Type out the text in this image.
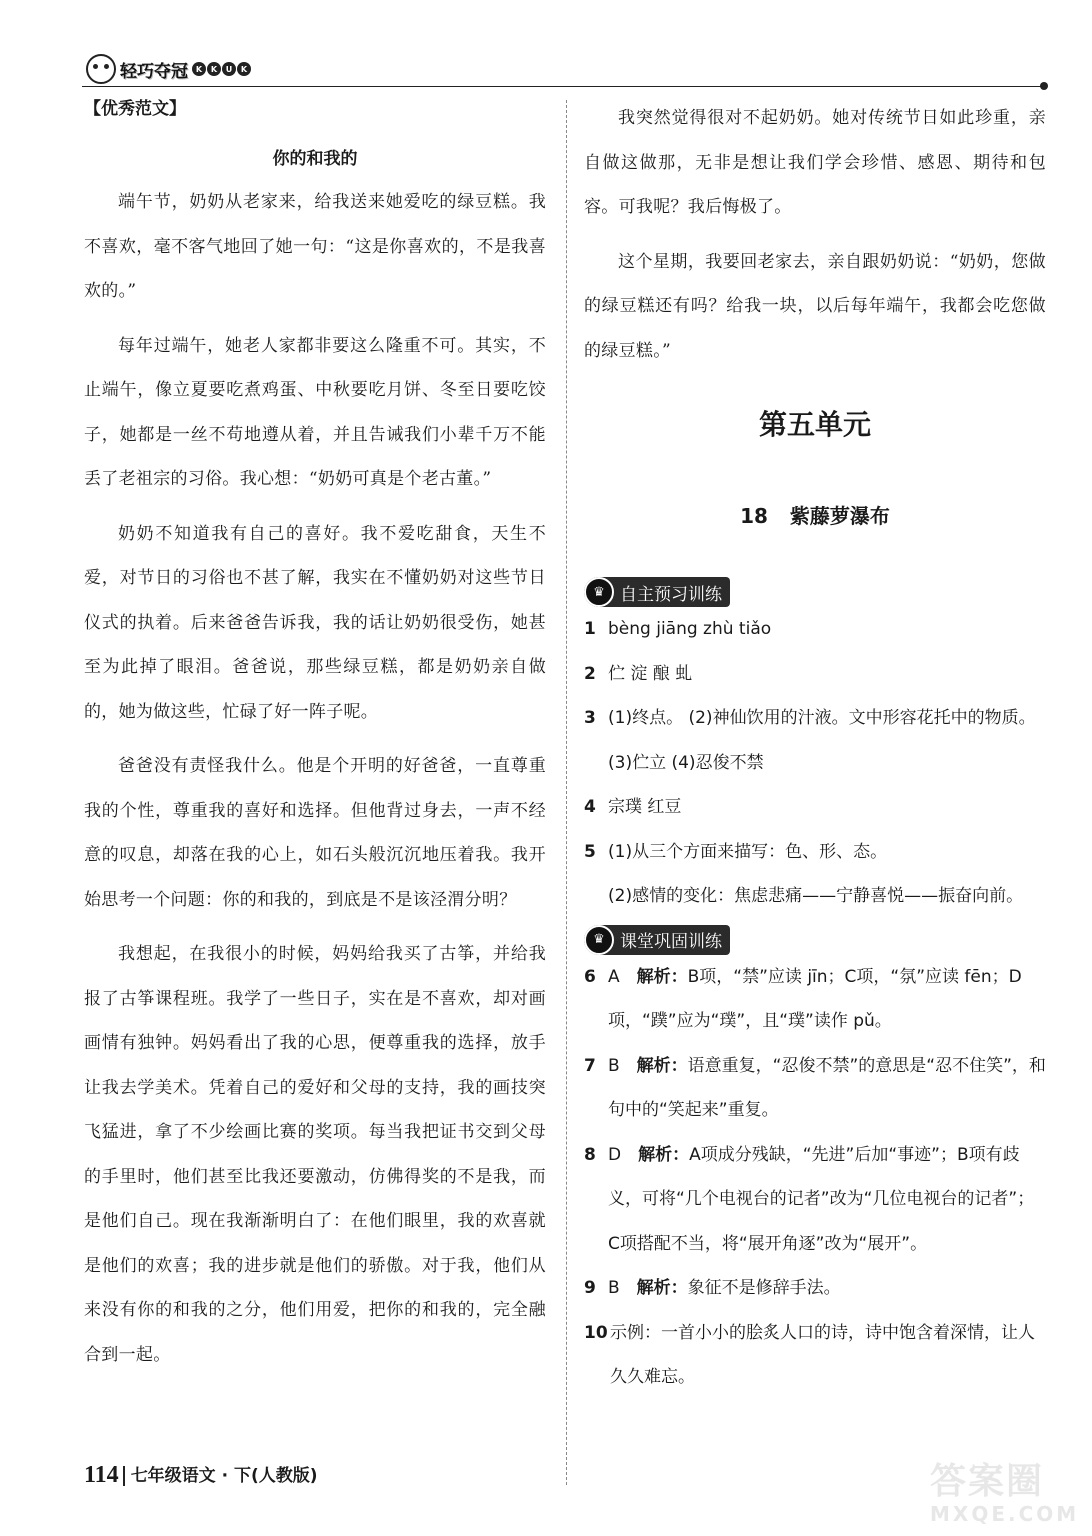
轻巧夺冠 K	K	U	K

【优秀范文】

你的和我的

端午节，奶奶从老家来，给我送来她爱吃的绿豆糕。我不喜欢，毫不客气地回了她一句：“这是你喜欢的，不是我喜欢的。”

每年过端午，她老人家都非要这么隆重不可。其实，不止端午，像立夏要吃煮鸡蛋、中秋要吃月饼、冬至日要吃饺子，她都是一丝不苟地遵从着，并且告诫我们小辈千万不能丢了老祖宗的习俗。我心想：“奶奶可真是个老古董。”

奶奶不知道我有自己的喜好。我不爱吃甜食，天生不爱，对节日的习俗也不甚了解，我实在不懂奶奶对这些节日仪式的执着。后来爸爸告诉我，我的话让奶奶很受伤，她甚至为此掉了眼泪。爸爸说，那些绿豆糕，都是奶奶亲自做的，她为做这些，忙碌了好一阵子呢。

爸爸没有责怪我什么。他是个开明的好爸爸，一直尊重我的个性，尊重我的喜好和选择。但他背过身去，一声不经意的叹息，却落在我的心上，如石头般沉沉地压着我。我开始思考一个问题：你的和我的，到底是不是该泾渭分明？

我想起，在我很小的时候，妈妈给我买了古筝，并给我报了古筝课程班。我学了一些日子，实在是不喜欢，却对画画情有独钟。妈妈看出了我的心思，便尊重我的选择，放手让我去学美术。凭着自己的爱好和父母的支持，我的画技突飞猛进，拿了不少绘画比赛的奖项。每当我把证书交到父母的手里时，他们甚至比我还要激动，仿佛得奖的不是我，而是他们自己。现在我渐渐明白了：在他们眼里，我的欢喜就是他们的欢喜；我的进步就是他们的骄傲。对于我，他们从来没有你的和我的之分，他们用爱，把你的和我的，完全融合到一起。

我突然觉得很对不起奶奶。她对传统节日如此珍重，亲自做这做那，无非是想让我们学会珍惜、感恩、期待和包容。可我呢？我后悔极了。

这个星期，我要回老家去，亲自跟奶奶说：“奶奶，您做的绿豆糕还有吗？给我一块，以后每年端午，我都会吃您做的绿豆糕。”

第五单元
18 紫藤萝瀑布
♛ 自主预习训练
1 bèng jiāng zhù tiǎo
2 伫 淀 酿 虬
3 (1)终点。 (2)神仙饮用的汁液。文中形容花托中的物质。 (3)伫立 (4)忍俊不禁
4 宗璞 红豆
5 (1)从三个方面来描写：色、形、态。
(2)感情的变化：焦虑悲痛——宁静喜悦——振奋向前。
♛ 课堂巩固训练
6 A　 解析：B项，“禁”应读 jīn；C项，“氛”应读 fēn；D项，“蹼”应为“璞”，且“璞”读作 pǔ。
7 B　 解析：语意重复，“忍俊不禁”的意思是“忍不住笑”，和句中的“笑起来”重复。
8 D　 解析：A项成分残缺，“先进”后加“事迹”；B项有歧义，可将“几个电视台的记者”改为“几位电视台的记者”；C项搭配不当，将“展开角逐”改为“展开”。
9 B　 解析：象征不是修辞手法。
10 示例：一首小小的脍炙人口的诗，诗中饱含着深情，让人久久难忘。
114 七年级语文 · 下(人教版)	答案圈
MXQE.COM
